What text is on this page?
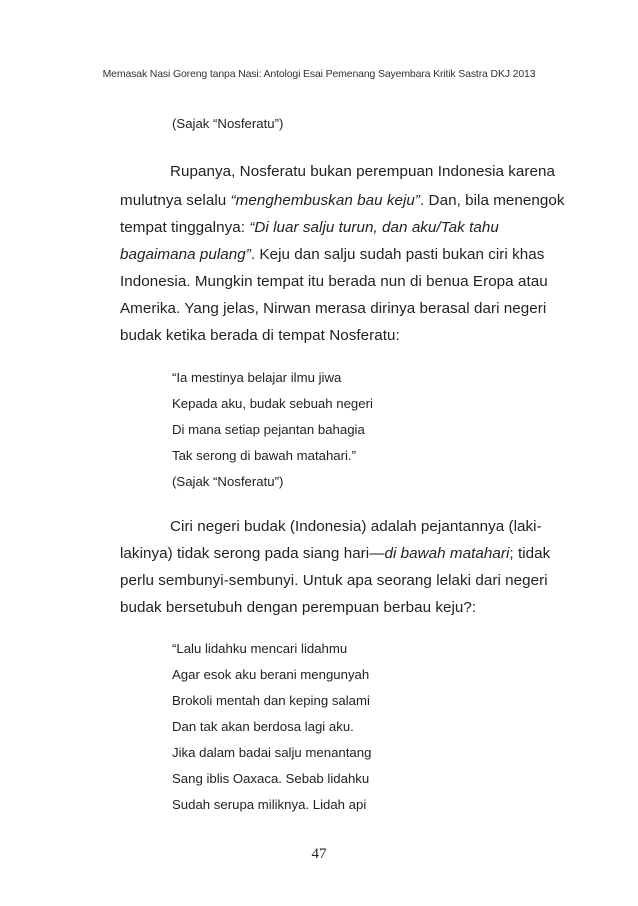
Memasak Nasi Goreng tanpa Nasi: Antologi Esai Pemenang Sayembara Kritik Sastra DKJ 2013
(Sajak “Nosferatu”)
Rupanya, Nosferatu bukan perempuan Indonesia karena
mulutnya selalu “menghembuskan bau keju”. Dan, bila menengok
tempat tinggalnya: “Di luar salju turun, dan aku/Tak tahu
bagaimana pulang”. Keju dan salju sudah pasti bukan ciri khas
Indonesia. Mungkin tempat itu berada nun di benua Eropa atau
Amerika. Yang jelas, Nirwan merasa dirinya berasal dari negeri
budak ketika berada di tempat Nosferatu:
“Ia mestinya belajar ilmu jiwa
Kepada aku, budak sebuah negeri
Di mana setiap pejantan bahagia
Tak serong di bawah matahari.”
(Sajak “Nosferatu”)
Ciri negeri budak (Indonesia) adalah pejantannya (laki-
lakinya) tidak serong pada siang hari—di bawah matahari; tidak
perlu sembunyi-sembunyi. Untuk apa seorang lelaki dari negeri
budak bersetubuh dengan perempuan berbau keju?:
“Lalu lidahku mencari lidahmu
Agar esok aku berani mengunyah
Brokoli mentah dan keping salami
Dan tak akan berdosa lagi aku.
Jika dalam badai salju menantang
Sang iblis Oaxaca. Sebab lidahku
Sudah serupa miliknya. Lidah api
47
